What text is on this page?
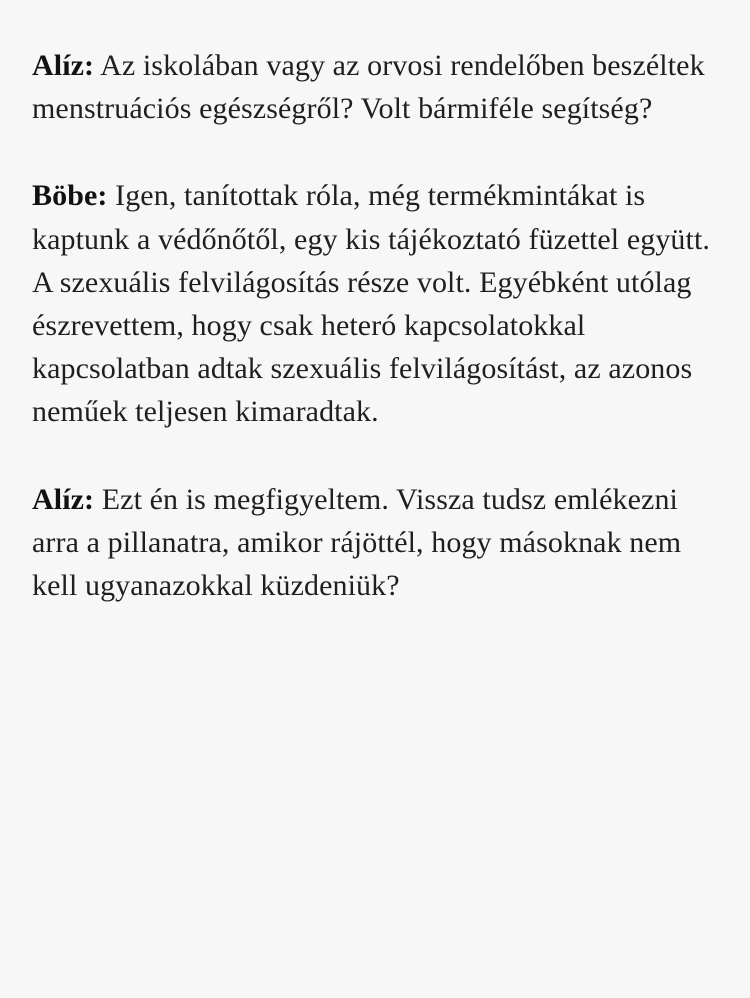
Alíz: Az iskolában vagy az orvosi rendelőben beszéltek menstruációs egészségről? Volt bármiféle segítség?

Böbe: Igen, tanítottak róla, még termékmintákat is kaptunk a védőnőtől, egy kis tájékoztató füzettel együtt. A szexuális felvilágosítás része volt. Egyébként utólag észrevettem, hogy csak heteró kapcsolatokkal kapcsolatban adtak szexuális felvilágosítást, az azonos neműek teljesen kimaradtak.

Alíz: Ezt én is megfigyeltem. Vissza tudsz emlékezni arra a pillanatra, amikor rájöttél, hogy másoknak nem kell ugyanazokkal küzdeniük?
